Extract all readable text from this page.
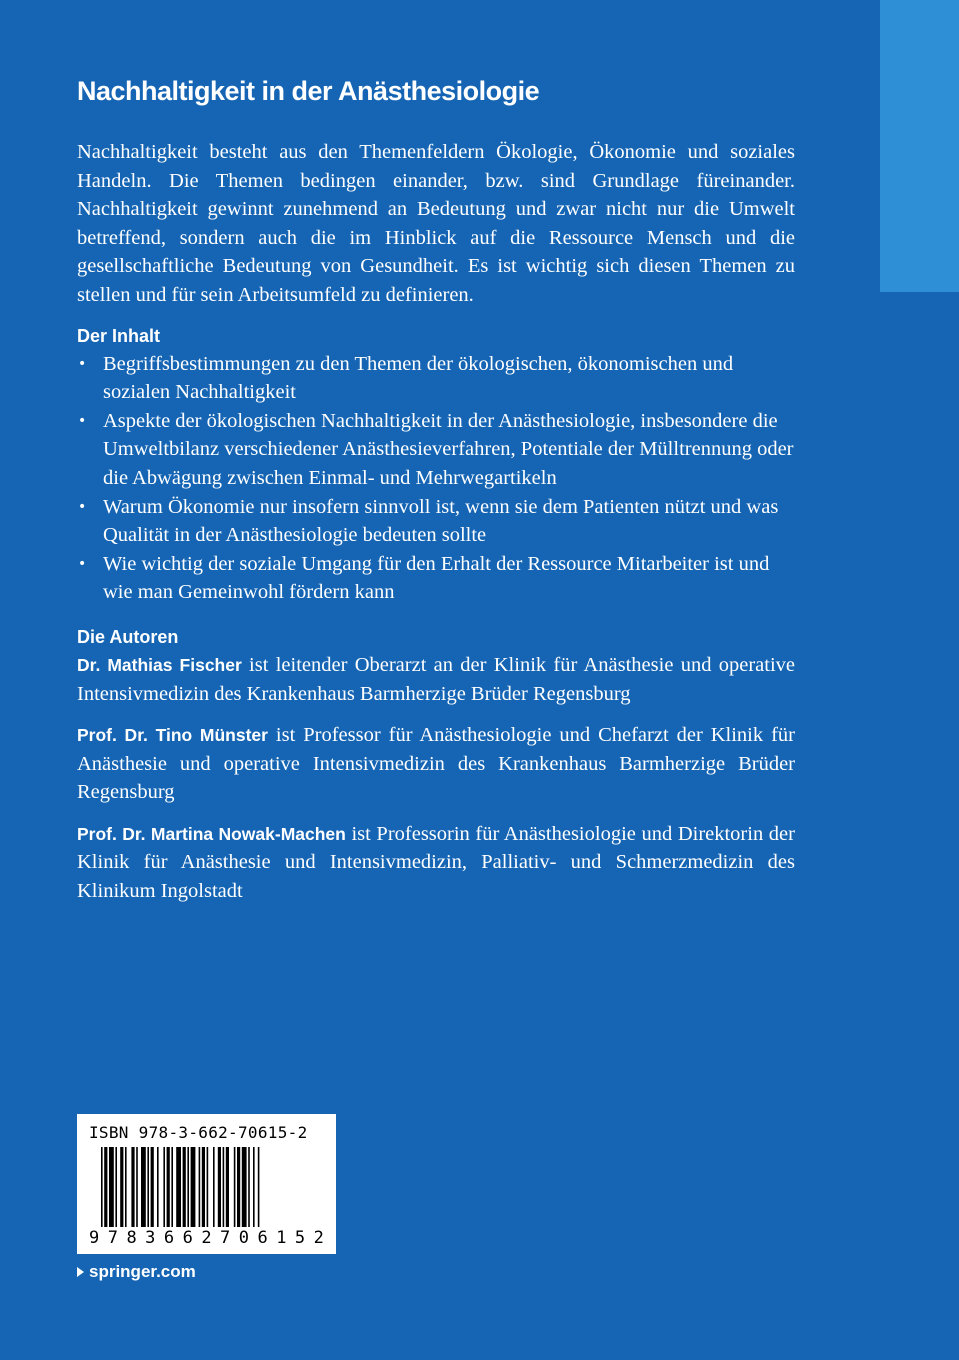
Nachhaltigkeit in der Anästhesiologie

Nachhaltigkeit besteht aus den Themenfeldern Ökologie, Ökonomie und soziales Handeln. Die Themen bedingen einander, bzw. sind Grundlage füreinander. Nachhaltigkeit gewinnt zunehmend an Bedeutung und zwar nicht nur die Umwelt betreffend, sondern auch die im Hinblick auf die Ressource Mensch und die gesellschaftliche Bedeutung von Gesundheit. Es ist wichtig sich diesen Themen zu stellen und für sein Arbeitsumfeld zu definieren.

Der Inhalt
• Begriffsbestimmungen zu den Themen der ökologischen, ökonomischen und sozialen Nachhaltigkeit
• Aspekte der ökologischen Nachhaltigkeit in der Anästhesiologie, insbesondere die Umweltbilanz verschiedener Anästhesieverfahren, Potentiale der Mülltrennung oder die Abwägung zwischen Einmal- und Mehrwegartikeln
• Warum Ökonomie nur insofern sinnvoll ist, wenn sie dem Patienten nützt und was Qualität in der Anästhesiologie bedeuten sollte
• Wie wichtig der soziale Umgang für den Erhalt der Ressource Mitarbeiter ist und wie man Gemeinwohl fördern kann
Die Autoren

Dr. Mathias Fischer ist leitender Oberarzt an der Klinik für Anästhesie und operative Intensivmedizin des Krankenhaus Barmherzige Brüder Regensburg

Prof. Dr. Tino Münster ist Professor für Anästhesiologie und Chefarzt der Klinik für Anästhesie und operative Intensivmedizin des Krankenhaus Barmherzige Brüder Regensburg

Prof. Dr. Martina Nowak-Machen ist Professorin für Anästhesiologie und Direktorin der Klinik für Anästhesie und Intensivmedizin, Palliativ- und Schmerzmedizin des Klinikum Ingolstadt

ISBN 978-3-662-70615-2
9 7 8 3 6 6 2 7 0 6 1 5 2
springer.com
